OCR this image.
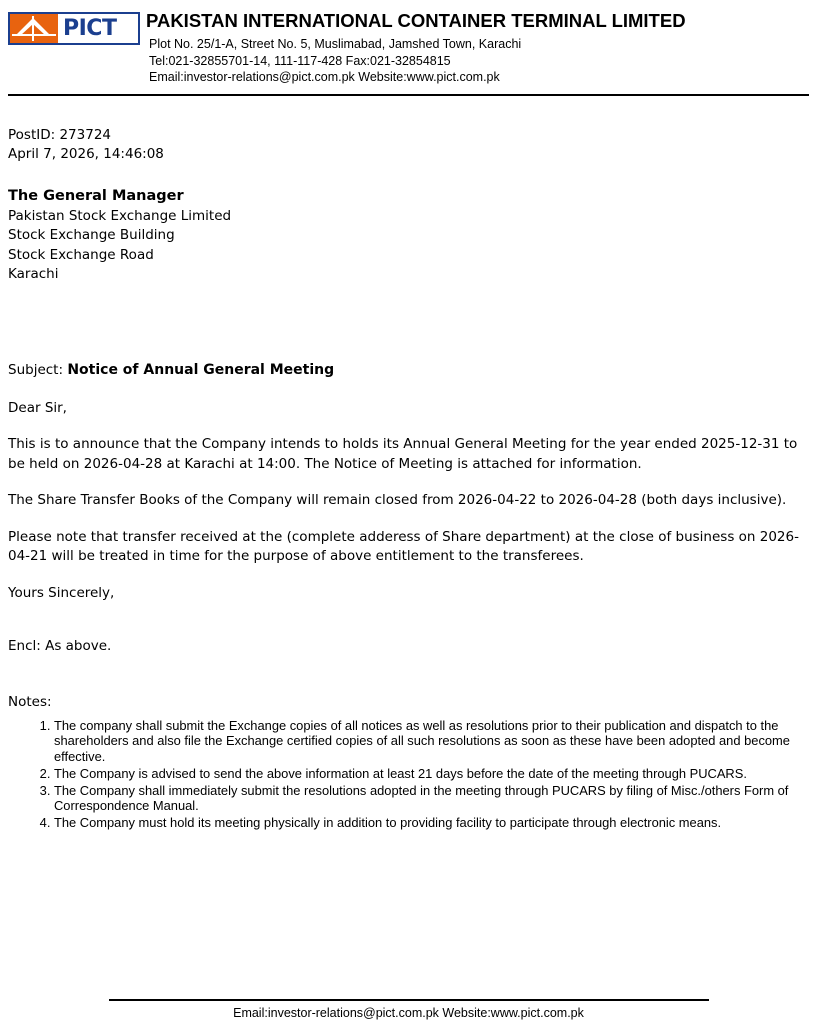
PICT PAKISTAN INTERNATIONAL CONTAINER TERMINAL LIMITED
Plot No. 25/1-A, Street No. 5, Muslimabad, Jamshed Town, Karachi
Tel:021-32855701-14, 111-117-428 Fax:021-32854815
Email:investor-relations@pict.com.pk Website:www.pict.com.pk
PostID: 273724
April 7, 2026, 14:46:08
The General Manager
Pakistan Stock Exchange Limited
Stock Exchange Building
Stock Exchange Road
Karachi
Subject: Notice of Annual General Meeting

Dear Sir,

This is to announce that the Company intends to holds its Annual General Meeting for the year ended 2025-12-31 to be held on 2026-04-28 at Karachi at 14:00. The Notice of Meeting is attached for information.

The Share Transfer Books of the Company will remain closed from 2026-04-22 to 2026-04-28 (both days inclusive).

Please note that transfer received at the (complete adderess of Share department) at the close of business on 2026-04-21 will be treated in time for the purpose of above entitlement to the transferees.

Yours Sincerely,

Encl: As above.

Notes:
1. The company shall submit the Exchange copies of all notices as well as resolutions prior to their publication and dispatch to the shareholders and also file the Exchange certified copies of all such resolutions as soon as these have been adopted and become effective.
2. The Company is advised to send the above information at least 21 days before the date of the meeting through PUCARS.
3. The Company shall immediately submit the resolutions adopted in the meeting through PUCARS by filing of Misc./others Form of Correspondence Manual.
4. The Company must hold its meeting physically in addition to providing facility to participate through electronic means.
Email:investor-relations@pict.com.pk Website:www.pict.com.pk
